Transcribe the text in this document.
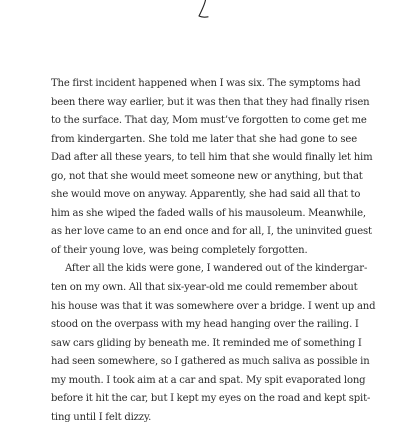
The first incident happened when I was six. The symptoms had
been there way earlier, but it was then that they had finally risen
to the surface. That day, Mom must’ve forgotten to come get me
from kindergarten. She told me later that she had gone to see
Dad after all these years, to tell him that she would finally let him
go, not that she would meet someone new or anything, but that
she would move on anyway. Apparently, she had said all that to
him as she wiped the faded walls of his mausoleum. Meanwhile,
as her love came to an end once and for all, I, the uninvited guest
of their young love, was being completely forgotten.
After all the kids were gone, I wandered out of the kindergar-
ten on my own. All that six-year-old me could remember about
his house was that it was somewhere over a bridge. I went up and
stood on the overpass with my head hanging over the railing. I
saw cars gliding by beneath me. It reminded me of something I
had seen somewhere, so I gathered as much saliva as possible in
my mouth. I took aim at a car and spat. My spit evaporated long
before it hit the car, but I kept my eyes on the road and kept spit-
ting until I felt dizzy.
